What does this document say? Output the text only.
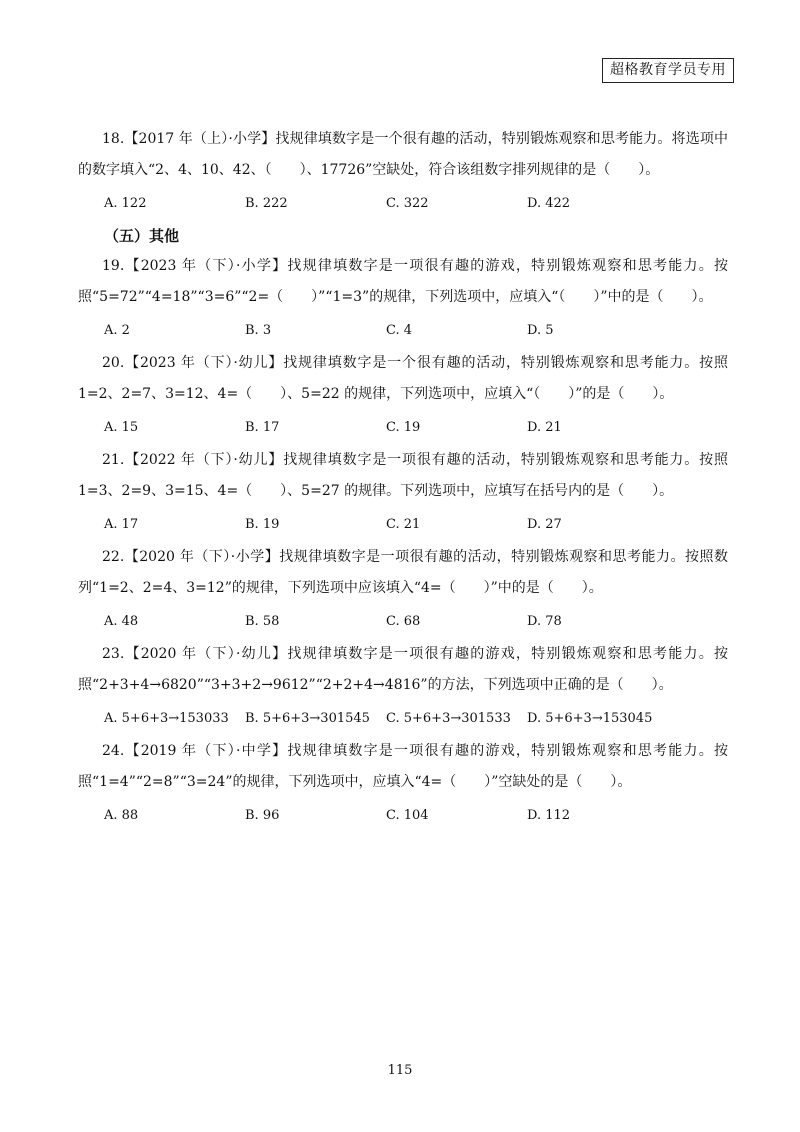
超格教育学员专用

18.【2017 年（上）·小学】找规律填数字是一个很有趣的活动，特别锻炼观察和思考能力。将选项中的数字填入“2、4、10、42、（　　）、17726”空缺处，符合该组数字排列规律的是（　　）。

A. 122	B. 222	C. 322	D. 422
（五）其他

19.【2023 年（下）·小学】找规律填数字是一项很有趣的游戏，特别锻炼观察和思考能力。按照“5=72”“4=18”“3=6”“2=（　　）”“1=3”的规律，下列选项中，应填入“（　　）”中的是（　　）。

A. 2	B. 3	C. 4	D. 5

20.【2023 年（下）·幼儿】找规律填数字是一个很有趣的活动，特别锻炼观察和思考能力。按照 1=2、2=7、3=12、4=（　　）、5=22 的规律，下列选项中，应填入“（　　）”的是（　　）。

A. 15	B. 17	C. 19	D. 21

21.【2022 年（下）·幼儿】找规律填数字是一项很有趣的活动，特别锻炼观察和思考能力。按照 1=3、2=9、3=15、4=（　　）、5=27 的规律。下列选项中，应填写在括号内的是（　　）。

A. 17	B. 19	C. 21	D. 27

22.【2020 年（下）·小学】找规律填数字是一项很有趣的活动，特别锻炼观察和思考能力。按照数列“1=2、2=4、3=12”的规律，下列选项中应该填入“4=（　　）”中的是（　　）。

A. 48	B. 58	C. 68	D. 78

23.【2020 年（下）·幼儿】找规律填数字是一项很有趣的游戏，特别锻炼观察和思考能力。按照“2+3+4→6820”“3+3+2→9612”“2+2+4→4816”的方法，下列选项中正确的是（　　）。

A. 5+6+3→153033	B. 5+6+3→301545	C. 5+6+3→301533	D. 5+6+3→153045

24.【2019 年（下）·中学】找规律填数字是一项很有趣的游戏，特别锻炼观察和思考能力。按照“1=4”“2=8”“3=24”的规律，下列选项中，应填入“4=（　　）”空缺处的是（　　）。

A. 88	B. 96	C. 104	D. 112
115
